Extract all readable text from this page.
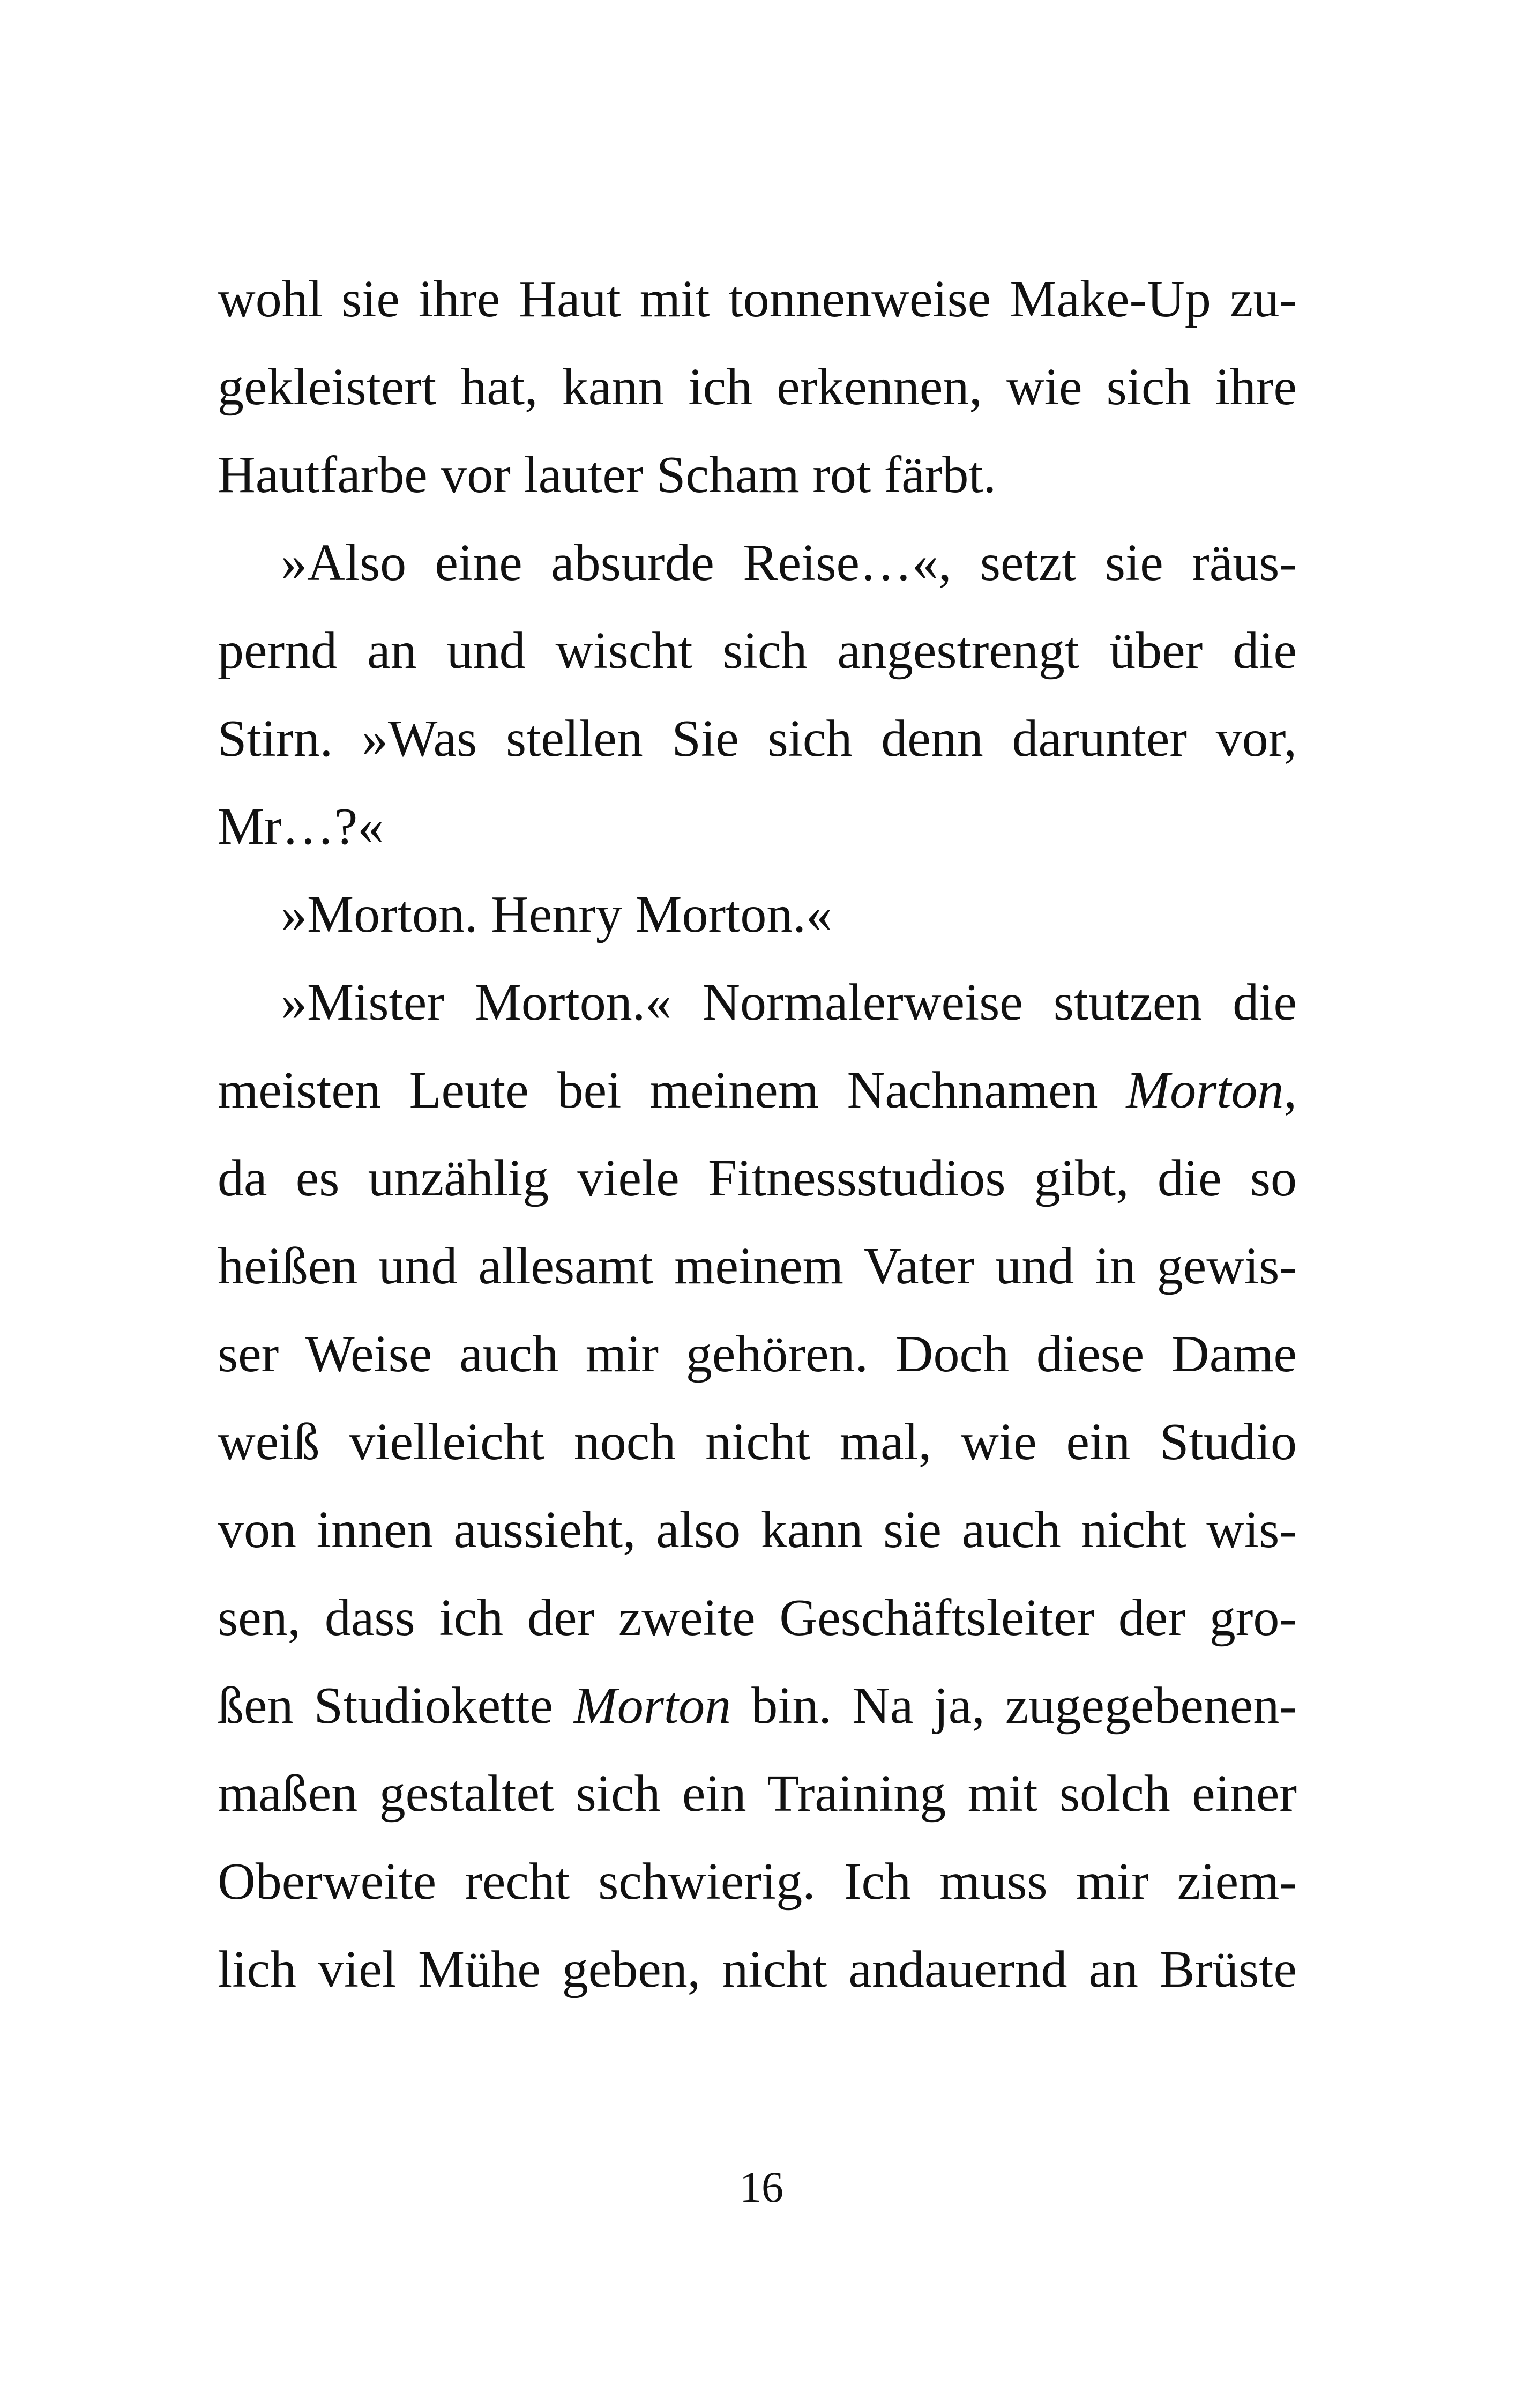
wohl sie ihre Haut mit tonnenweise Make-Up zu-
gekleistert hat, kann ich erkennen, wie sich ihre
Hautfarbe vor lauter Scham rot färbt.
»Also eine absurde Reise…«, setzt sie räus-
pernd an und wischt sich angestrengt über die
Stirn. »Was stellen Sie sich denn darunter vor,
Mr…?«
»Morton. Henry Morton.«
»Mister Morton.« Normalerweise stutzen die
meisten Leute bei meinem Nachnamen Morton,
da es unzählig viele Fitnessstudios gibt, die so
heißen und allesamt meinem Vater und in gewis-
ser Weise auch mir gehören. Doch diese Dame
weiß vielleicht noch nicht mal, wie ein Studio
von innen aussieht, also kann sie auch nicht wis-
sen, dass ich der zweite Geschäftsleiter der gro-
ßen Studiokette Morton bin. Na ja, zugegebenen-
maßen gestaltet sich ein Training mit solch einer
Oberweite recht schwierig. Ich muss mir ziem-
lich viel Mühe geben, nicht andauernd an Brüste
16
